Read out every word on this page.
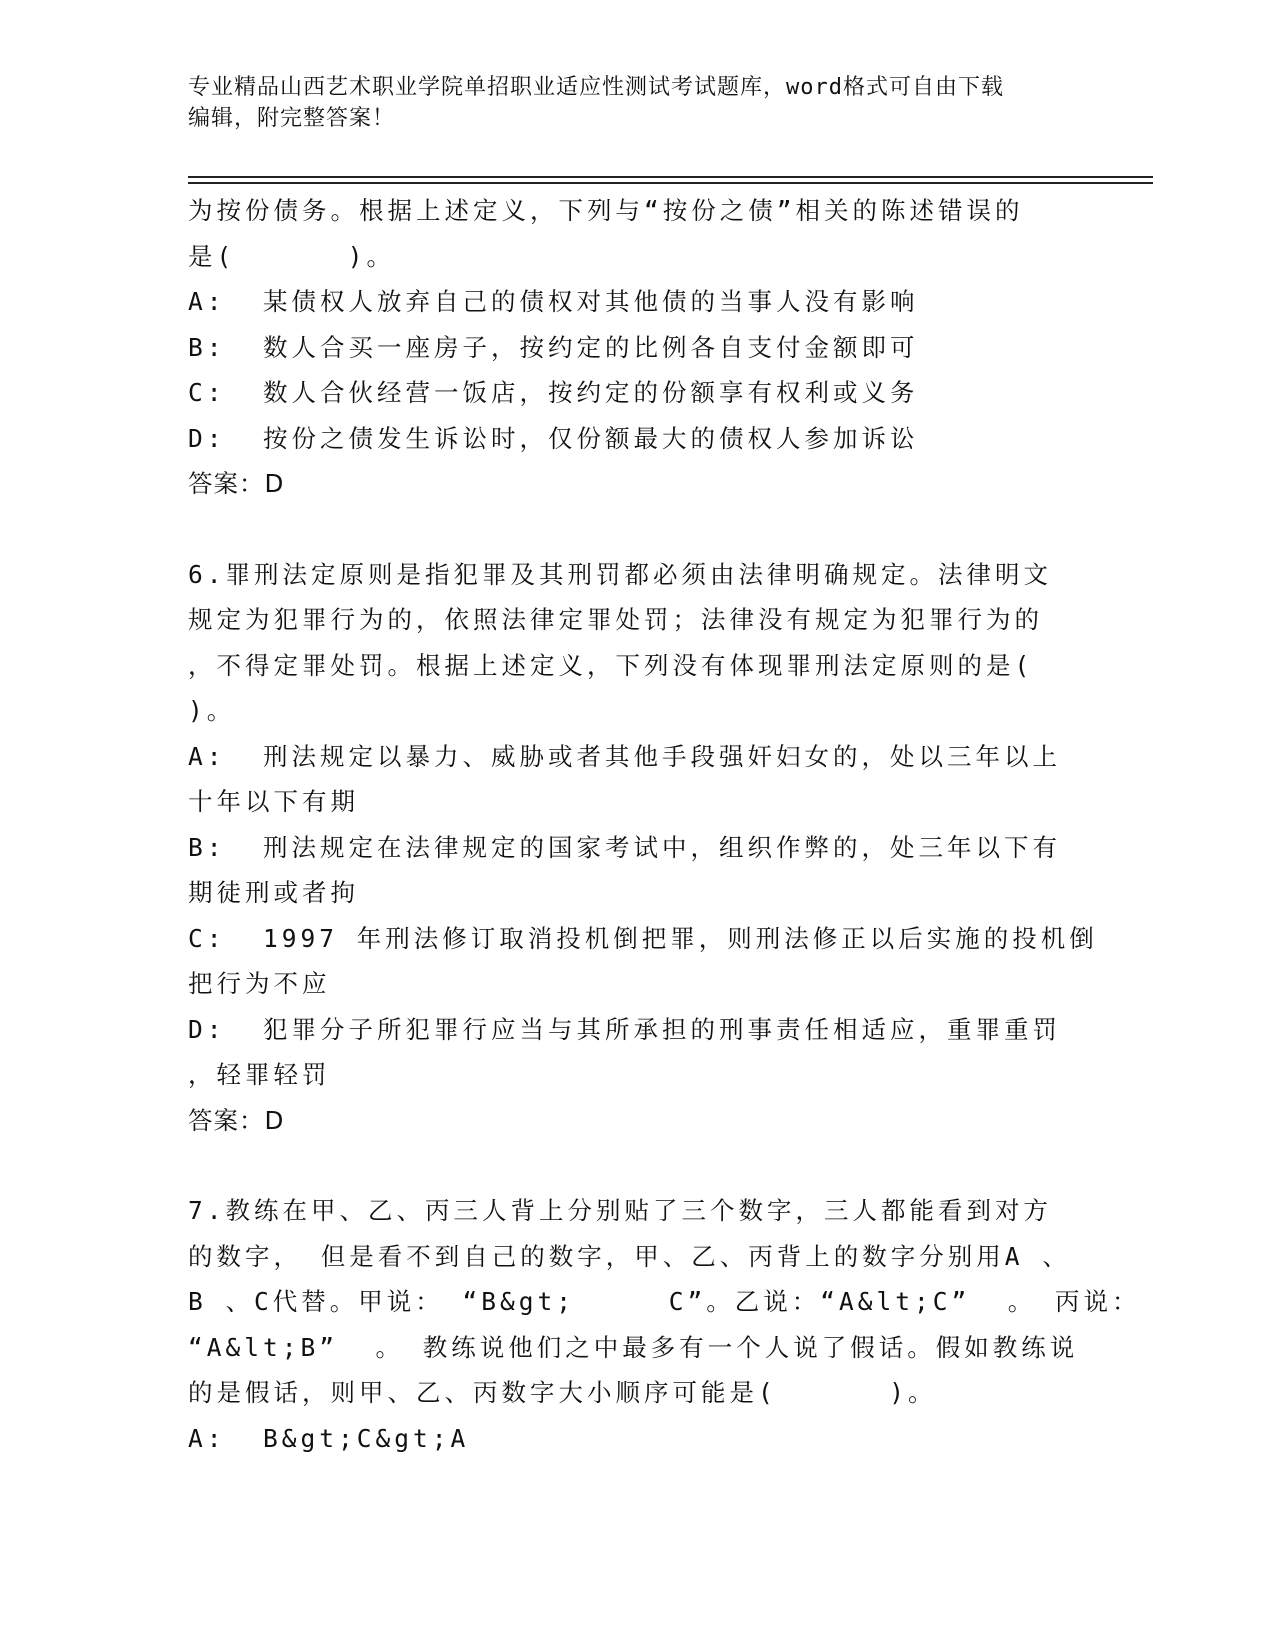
专业精品山西艺术职业学院单招职业适应性测试考试题库，word格式可自由下载
编辑，附完整答案！
为按份债务。根据上述定义，下列与“按份之债”相关的陈述错误的
是(      )。
A:  某债权人放弃自己的债权对其他债的当事人没有影响
B:  数人合买一座房子，按约定的比例各自支付金额即可
C:  数人合伙经营一饭店，按约定的份额享有权利或义务
D:  按份之债发生诉讼时，仅份额最大的债权人参加诉讼
答案：D
6.罪刑法定原则是指犯罪及其刑罚都必须由法律明确规定。法律明文
规定为犯罪行为的，依照法律定罪处罚；法律没有规定为犯罪行为的
，不得定罪处罚。根据上述定义，下列没有体现罪刑法定原则的是(
)。
A:  刑法规定以暴力、威胁或者其他手段强奸妇女的，处以三年以上
十年以下有期
B:  刑法规定在法律规定的国家考试中，组织作弊的，处三年以下有
期徒刑或者拘
C:  1997 年刑法修订取消投机倒把罪，则刑法修正以后实施的投机倒
把行为不应
D:  犯罪分子所犯罪行应当与其所承担的刑事责任相适应，重罪重罚
，轻罪轻罚
答案：D
7.教练在甲、乙、丙三人背上分别贴了三个数字，三人都能看到对方
的数字， 但是看不到自己的数字，甲、乙、丙背上的数字分别用A 、
B 、C代替。甲说： “B&gt;     C”。乙说：“A&lt;C”  。 丙说：
“A&lt;B”  。 教练说他们之中最多有一个人说了假话。假如教练说
的是假话，则甲、乙、丙数字大小顺序可能是(      )。
A:  B&gt;C&gt;A
